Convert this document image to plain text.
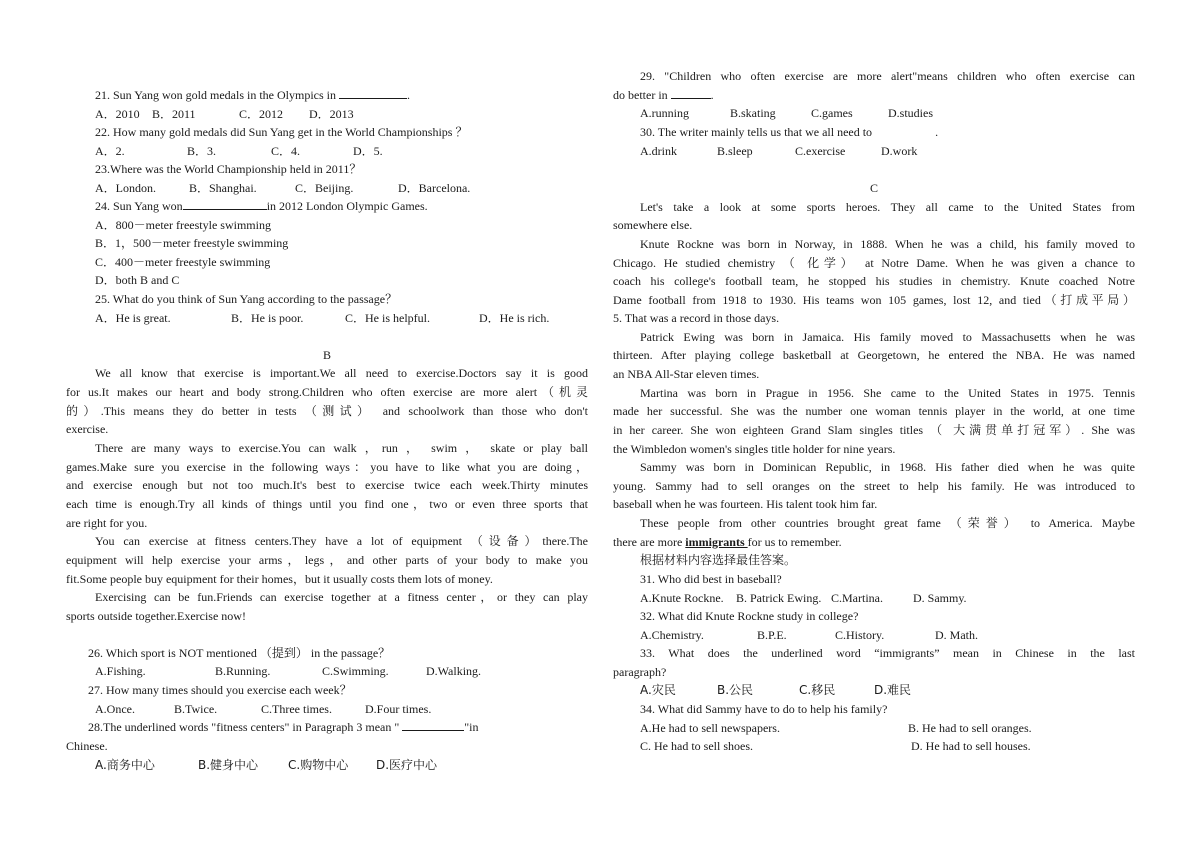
21. Sun Yang won gold medals in the Olympics in	.
A．2010	B．2011	C．2012	D．2013
22. How many gold medals did Sun Yang get in the World Championships ？
A．2.	B．3.	C．4.	D．5.
23.Where was the World Championship held in 2011？
A．London.	B．Shanghai.	C．Beijing.	D．Barcelona.
24. Sun Yang won	in 2012 London Olympic Games.
A．800－meter freestyle swimming
B．1，500－meter freestyle swimming
C．400－meter freestyle swimming
D．both B and C
25. What do you think of Sun Yang according to the passage？
A．He is great.	B．He is poor.	C．He is helpful.	D．He is rich.
B
We all know that exercise is important.We all need to exercise.Doctors say it is good
for us.It makes our heart and body strong.Children who often exercise are more alert（机灵
的）.This means they do better in tests （测试） and schoolwork than those who don't
exercise.
There are many ways to exercise.You can walk ，run ， swim ， skate or play ball
games.Make sure you exercise in the following ways：you have to like what you are doing，
and exercise enough but not too much.It's best to exercise twice each week.Thirty minutes
each time is enough.Try all kinds of things until you find one，two or even three sports that
are right for you.
You can exercise at fitness centers.They have a lot of equipment （设备）there.The
equipment will help exercise your arms，legs，and other parts of your body to make you
fit.Some people buy equipment for their homes，but it usually costs them lots of money.
Exercising can be fun.Friends can exercise together at a fitness center，or they can play
sports outside together.Exercise now!
26. Which sport is NOT mentioned （提到） in the passage？
A.Fishing.	B.Running.	C.Swimming.	D.Walking.
27. How many times should you exercise each week？
A.Once.	B.Twice.	C.Three times.	D.Four times.
28.The underlined words "fitness centers" in Paragraph 3 mean "	"in
Chinese.
A.商务中心	B.健身中心	C.购物中心	D.医疗中心
29. "Children who often exercise are more alert"means children who often exercise can
do better in	.
A.running	B.skating	C.games	D.studies
30. The writer mainly tells us that we all need to	.
A.drink	B.sleep	C.exercise	D.work
C
Let's take a look at some sports heroes. They all came to the United States from
somewhere else.
Knute Rockne was born in Norway, in 1888. When he was a child, his family moved to
Chicago. He studied chemistry （ 化学） at Notre Dame. When he was given a chance to
coach his college's football team, he stopped his studies in chemistry. Knute coached Notre
Dame football from 1918 to 1930. His teams won 105 games, lost 12, and tied（打成平局）
5. That was a record in those days.
Patrick Ewing was born in Jamaica. His family moved to Massachusetts when he was
thirteen. After playing college basketball at Georgetown, he entered the NBA. He was named
an NBA All-Star eleven times.
Martina was born in Prague in 1956. She came to the United States in 1975. Tennis
made her successful. She was the number one woman tennis player in the world, at one time
in her career. She won eighteen Grand Slam singles titles （ 大满贯单打冠军）. She was
the Wimbledon women's singles title holder for nine years.
Sammy was born in Dominican Republic, in 1968. His father died when he was quite
young. Sammy had to sell oranges on the street to help his family. He was introduced to
baseball when he was fourteen. His talent took him far.
These people from other countries brought great fame （荣誉） to America. Maybe
there are more immigrants for us to remember.
根据材料内容选择最佳答案。
31. Who did best in baseball?
A.Knute Rockne.	B. Patrick Ewing. C.Martina.	D. Sammy.
32. What did Knute Rockne study in college?
A.Chemistry.	B.P.E.	C.History.	D. Math.
33. What does the underlined word “immigrants” mean in Chinese in the last
paragraph?
A.灾民	B.公民	C.移民	D.难民
34. What did Sammy have to do to help his family?
A.He had to sell newspapers.	B. He had to sell oranges.
C. He had to sell shoes.	D. He had to sell houses.
